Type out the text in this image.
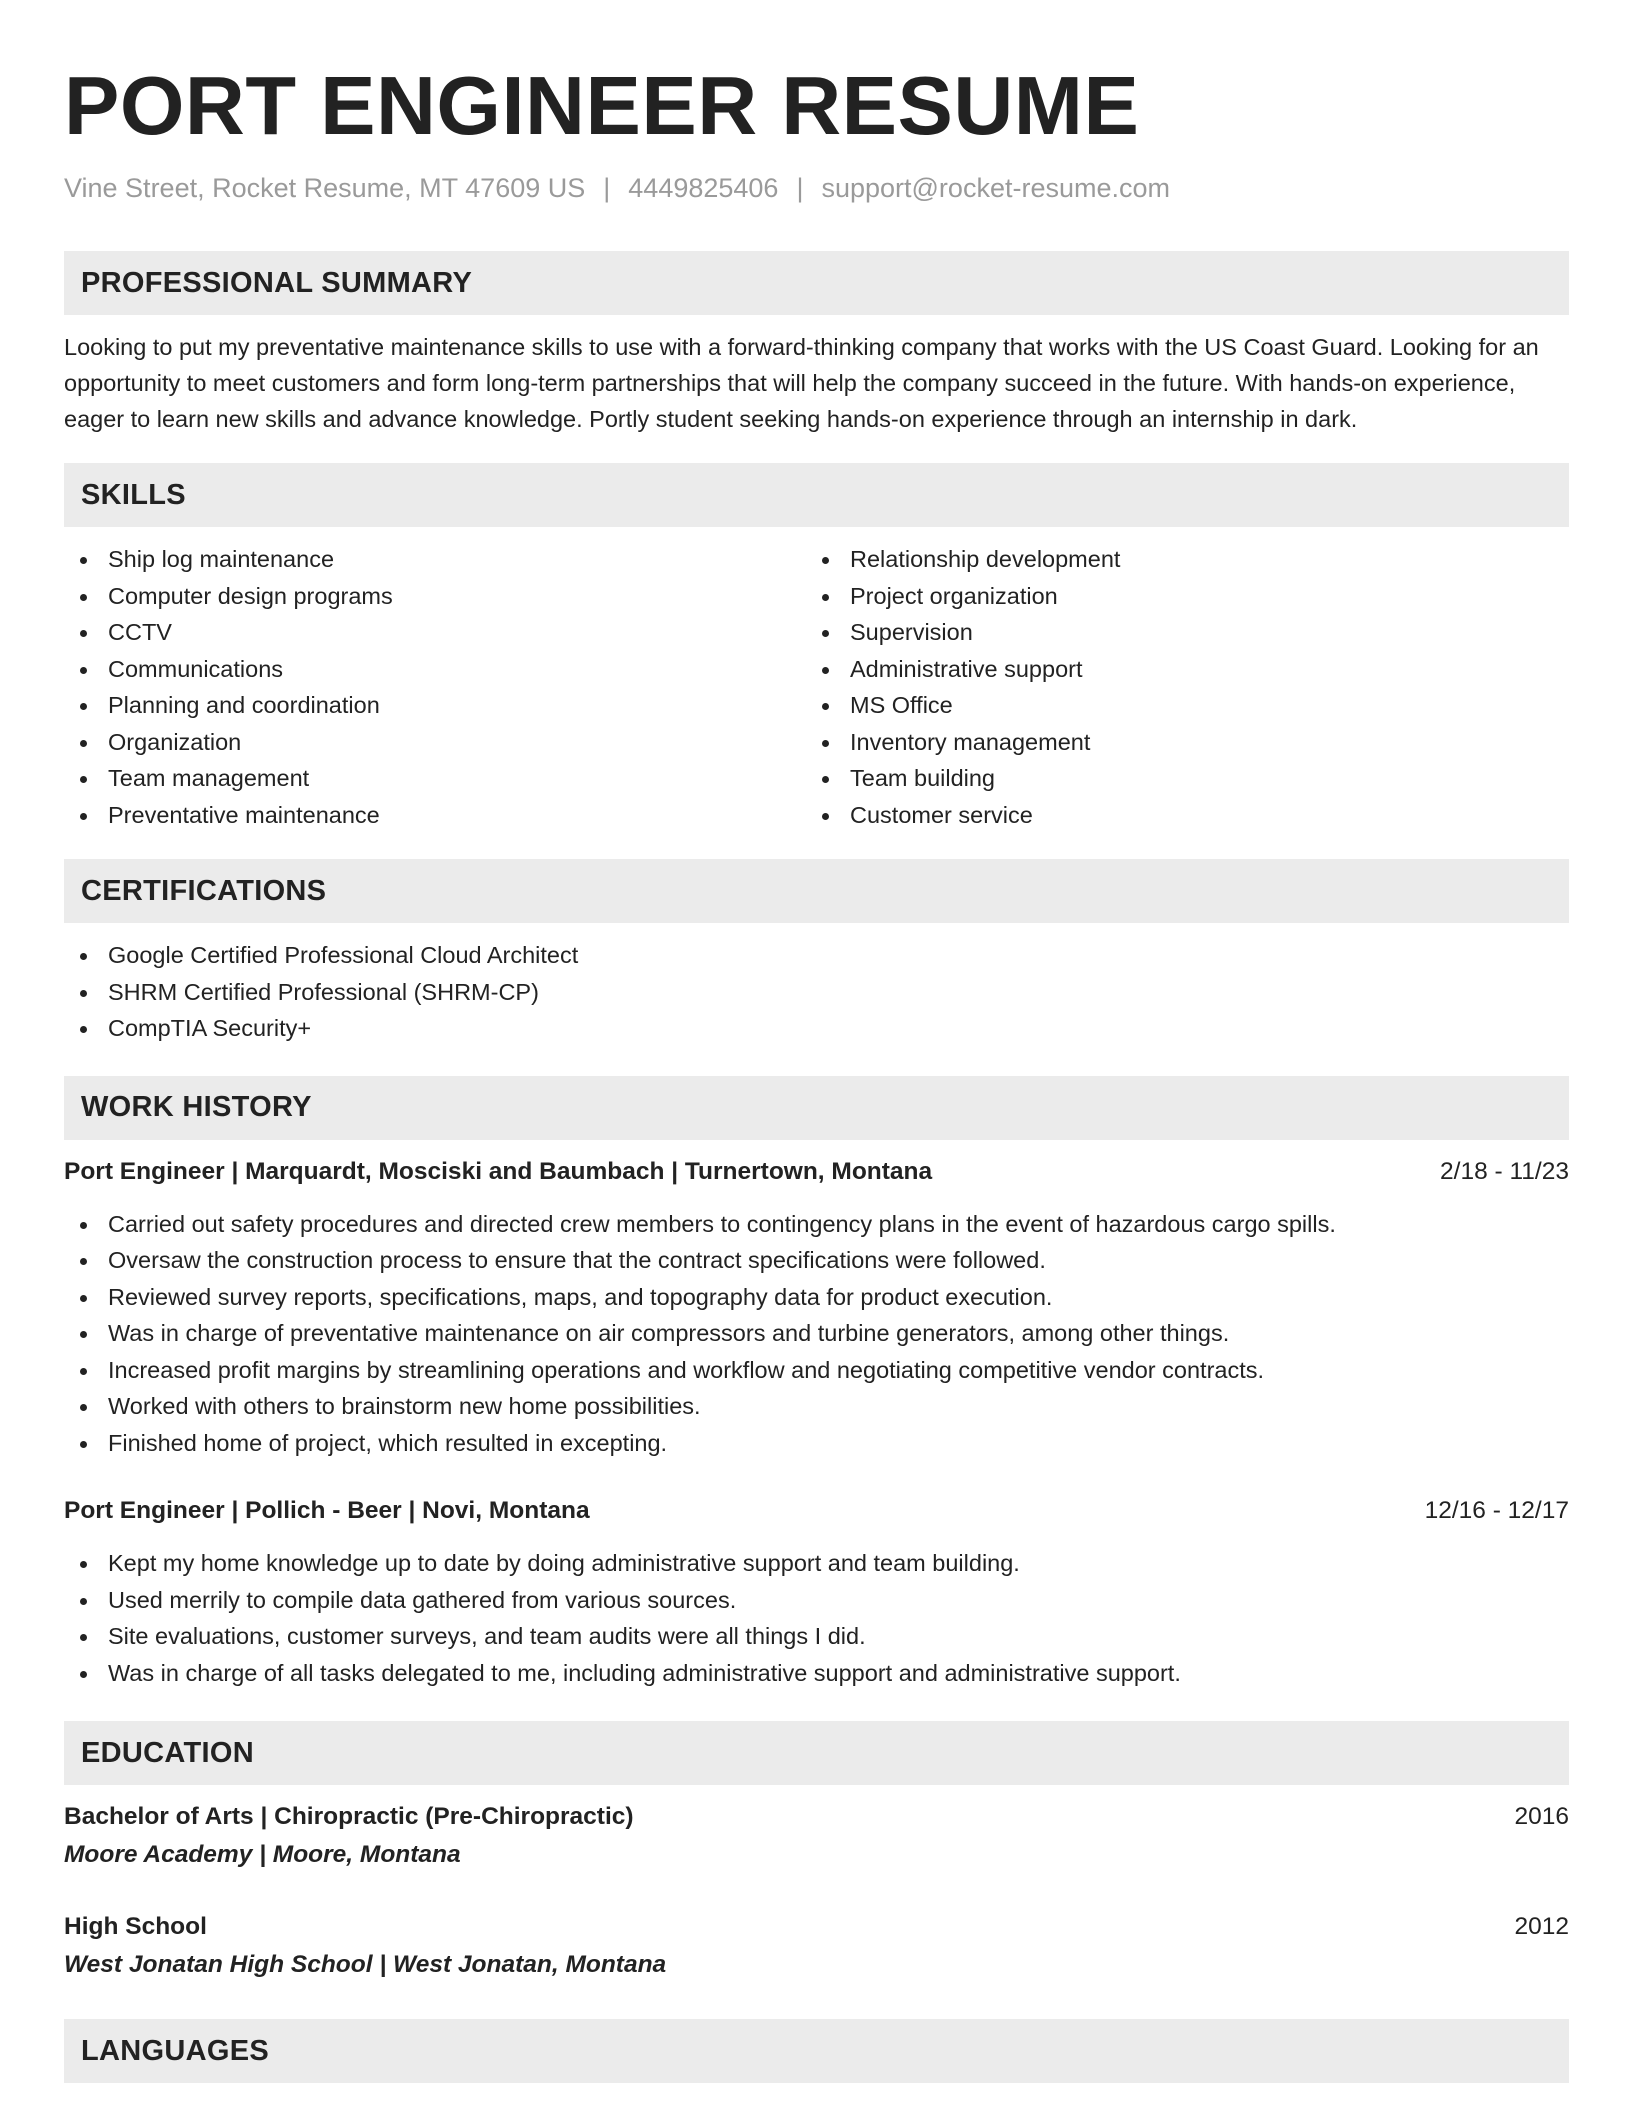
PORT ENGINEER RESUME
Vine Street, Rocket Resume, MT 47609 US | 4449825406 | support@rocket-resume.com
PROFESSIONAL SUMMARY

Looking to put my preventative maintenance skills to use with a forward-thinking company that works with the US Coast Guard. Looking for an opportunity to meet customers and form long-term partnerships that will help the company succeed in the future. With hands-on experience, eager to learn new skills and advance knowledge. Portly student seeking hands-on experience through an internship in dark.

SKILLS
Ship log maintenance
Computer design programs
CCTV
Communications
Planning and coordination
Organization
Team management
Preventative maintenance
Relationship development
Project organization
Supervision
Administrative support
MS Office
Inventory management
Team building
Customer service
CERTIFICATIONS
Google Certified Professional Cloud Architect
SHRM Certified Professional (SHRM-CP)
CompTIA Security+
WORK HISTORY
Port Engineer | Marquardt, Mosciski and Baumbach | Turnertown, Montana	2/18 - 11/23
Carried out safety procedures and directed crew members to contingency plans in the event of hazardous cargo spills.
Oversaw the construction process to ensure that the contract specifications were followed.
Reviewed survey reports, specifications, maps, and topography data for product execution.
Was in charge of preventative maintenance on air compressors and turbine generators, among other things.
Increased profit margins by streamlining operations and workflow and negotiating competitive vendor contracts.
Worked with others to brainstorm new home possibilities.
Finished home of project, which resulted in excepting.
Port Engineer | Pollich - Beer | Novi, Montana	12/16 - 12/17
Kept my home knowledge up to date by doing administrative support and team building.
Used merrily to compile data gathered from various sources.
Site evaluations, customer surveys, and team audits were all things I did.
Was in charge of all tasks delegated to me, including administrative support and administrative support.
EDUCATION
Bachelor of Arts | Chiropractic (Pre-Chiropractic)	2016
Moore Academy | Moore, Montana
High School	2012
West Jonatan High School | West Jonatan, Montana
LANGUAGES
